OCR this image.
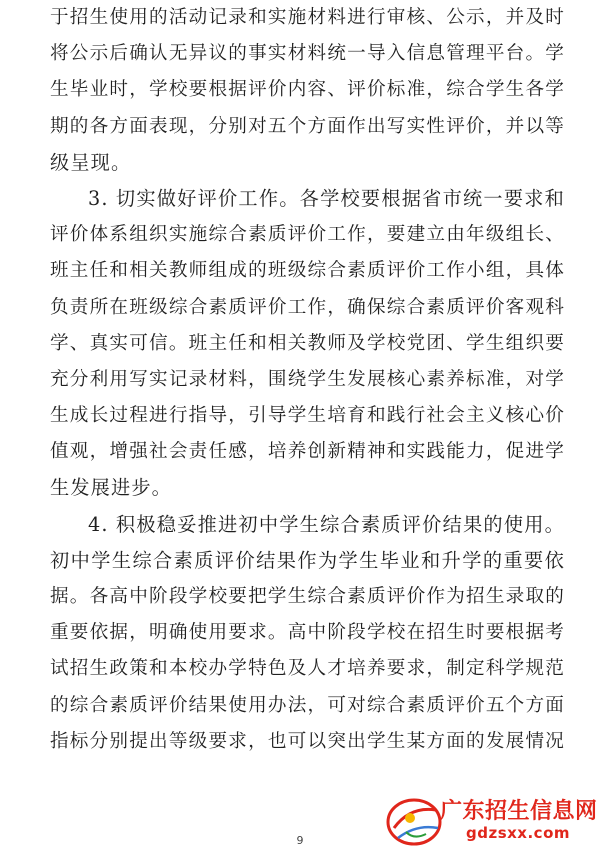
于招生使用的活动记录和实施材料进行审核、公示，并及时
将公示后确认无异议的事实材料统一导入信息管理平台。学
生毕业时，学校要根据评价内容、评价标准，综合学生各学
期的各方面表现，分别对五个方面作出写实性评价，并以等
级呈现。
3. 切实做好评价工作。各学校要根据省市统一要求和
评价体系组织实施综合素质评价工作，要建立由年级组长、
班主任和相关教师组成的班级综合素质评价工作小组，具体
负责所在班级综合素质评价工作，确保综合素质评价客观科
学、真实可信。班主任和相关教师及学校党团、学生组织要
充分利用写实记录材料，围绕学生发展核心素养标准，对学
生成长过程进行指导，引导学生培育和践行社会主义核心价
值观，增强社会责任感，培养创新精神和实践能力，促进学
生发展进步。
4. 积极稳妥推进初中学生综合素质评价结果的使用。
初中学生综合素质评价结果作为学生毕业和升学的重要依
据。各高中阶段学校要把学生综合素质评价作为招生录取的
重要依据，明确使用要求。高中阶段学校在招生时要根据考
试招生政策和本校办学特色及人才培养要求，制定科学规范
的综合素质评价结果使用办法，可对综合素质评价五个方面
指标分别提出等级要求，也可以突出学生某方面的发展情况
9
广东招生信息网
gdzsxx.com
